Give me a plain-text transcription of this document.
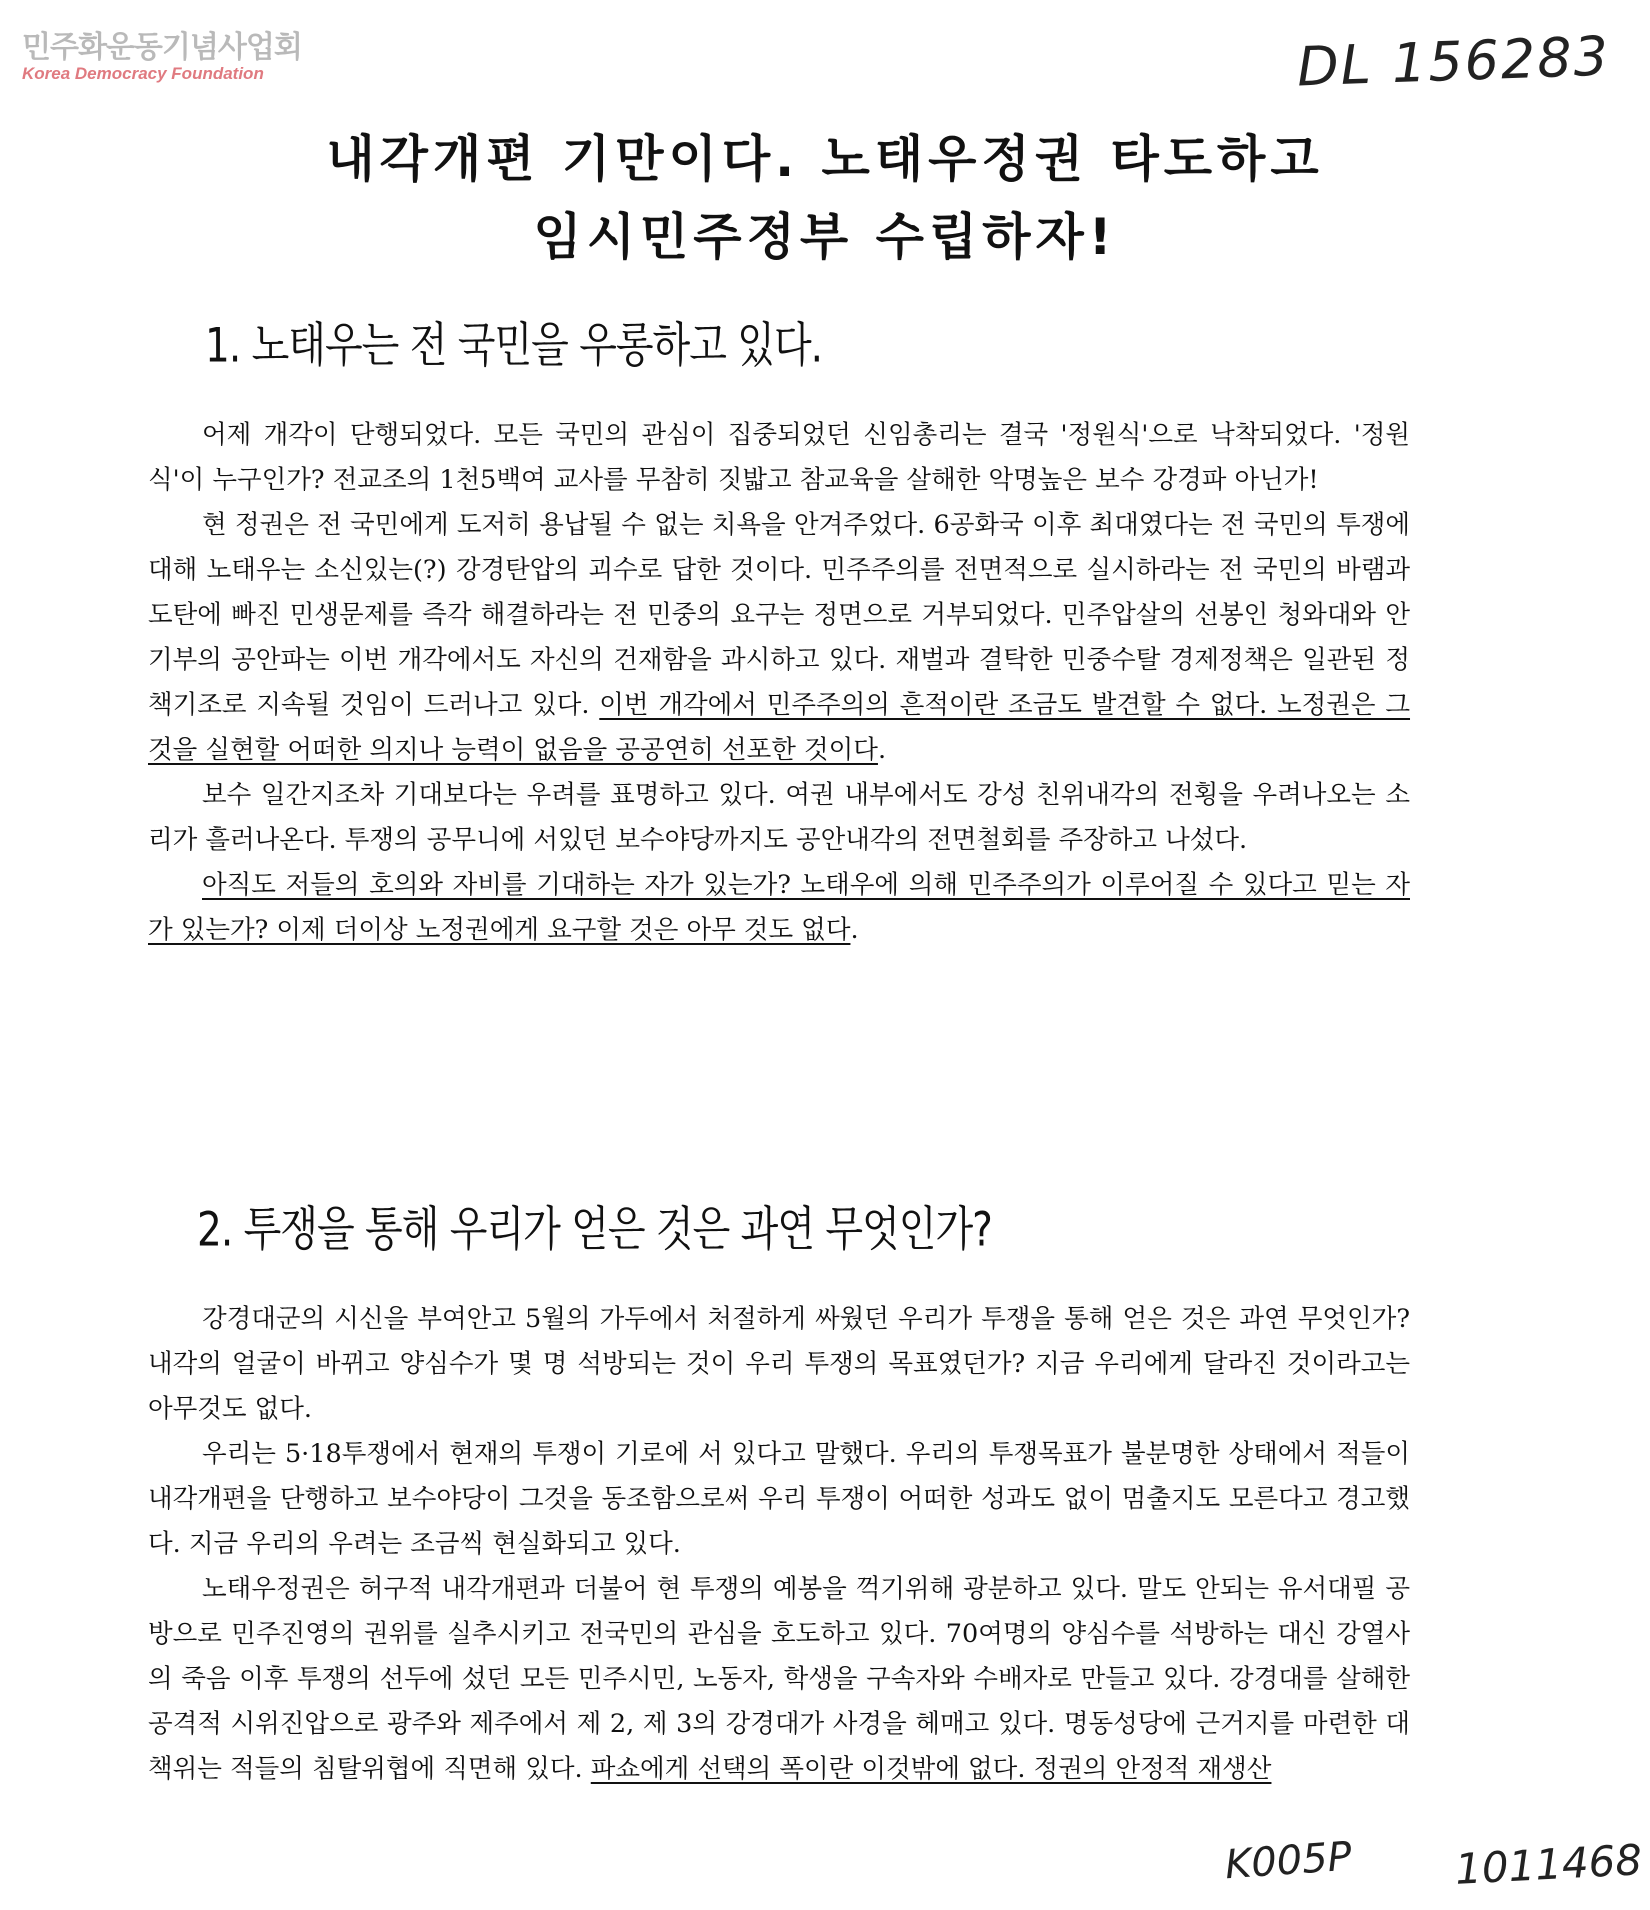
민주화운동기념사업회
Korea Democracy Foundation	DL 156283
내각개편 기만이다. 노태우정권 타도하고
임시민주정부 수립하자!
1. 노태우는 전 국민을 우롱하고 있다.

어제 개각이 단행되었다. 모든 국민의 관심이 집중되었던 신임총리는 결국 '정원식'으로 낙착되었다. '정원식'이 누구인가? 전교조의 1천5백여 교사를 무참히 짓밟고 참교육을 살해한 악명높은 보수 강경파 아닌가!

현 정권은 전 국민에게 도저히 용납될 수 없는 치욕을 안겨주었다. 6공화국 이후 최대였다는 전 국민의 투쟁에 대해 노태우는 소신있는(?) 강경탄압의 괴수로 답한 것이다. 민주주의를 전면적으로 실시하라는 전 국민의 바램과 도탄에 빠진 민생문제를 즉각 해결하라는 전 민중의 요구는 정면으로 거부되었다. 민주압살의 선봉인 청와대와 안기부의 공안파는 이번 개각에서도 자신의 건재함을 과시하고 있다. 재벌과 결탁한 민중수탈 경제정책은 일관된 정책기조로 지속될 것임이 드러나고 있다. 이번 개각에서 민주주의의 흔적이란 조금도 발견할 수 없다. 노정권은 그것을 실현할 어떠한 의지나 능력이 없음을 공공연히 선포한 것이다.

보수 일간지조차 기대보다는 우려를 표명하고 있다. 여권 내부에서도 강성 친위내각의 전횡을 우려나오는 소리가 흘러나온다. 투쟁의 공무니에 서있던 보수야당까지도 공안내각의 전면철회를 주장하고 나섰다.

아직도 저들의 호의와 자비를 기대하는 자가 있는가? 노태우에 의해 민주주의가 이루어질 수 있다고 믿는 자가 있는가? 이제 더이상 노정권에게 요구할 것은 아무 것도 없다.

2. 투쟁을 통해 우리가 얻은 것은 과연 무엇인가?

강경대군의 시신을 부여안고 5월의 가두에서 처절하게 싸웠던 우리가 투쟁을 통해 얻은 것은 과연 무엇인가? 내각의 얼굴이 바뀌고 양심수가 몇 명 석방되는 것이 우리 투쟁의 목표였던가? 지금 우리에게 달라진 것이라고는 아무것도 없다.

우리는 5·18투쟁에서 현재의 투쟁이 기로에 서 있다고 말했다. 우리의 투쟁목표가 불분명한 상태에서 적들이 내각개편을 단행하고 보수야당이 그것을 동조함으로써 우리 투쟁이 어떠한 성과도 없이 멈출지도 모른다고 경고했다. 지금 우리의 우려는 조금씩 현실화되고 있다.

노태우정권은 허구적 내각개편과 더불어 현 투쟁의 예봉을 꺽기위해 광분하고 있다. 말도 안되는 유서대필 공방으로 민주진영의 권위를 실추시키고 전국민의 관심을 호도하고 있다. 70여명의 양심수를 석방하는 대신 강열사의 죽음 이후 투쟁의 선두에 섰던 모든 민주시민, 노동자, 학생을 구속자와 수배자로 만들고 있다. 강경대를 살해한 공격적 시위진압으로 광주와 제주에서 제 2, 제 3의 강경대가 사경을 헤매고 있다. 명동성당에 근거지를 마련한 대책위는 적들의 침탈위협에 직면해 있다. 파쇼에게 선택의 폭이란 이것밖에 없다. 정권의 안정적 재생산

K005P 1011468
